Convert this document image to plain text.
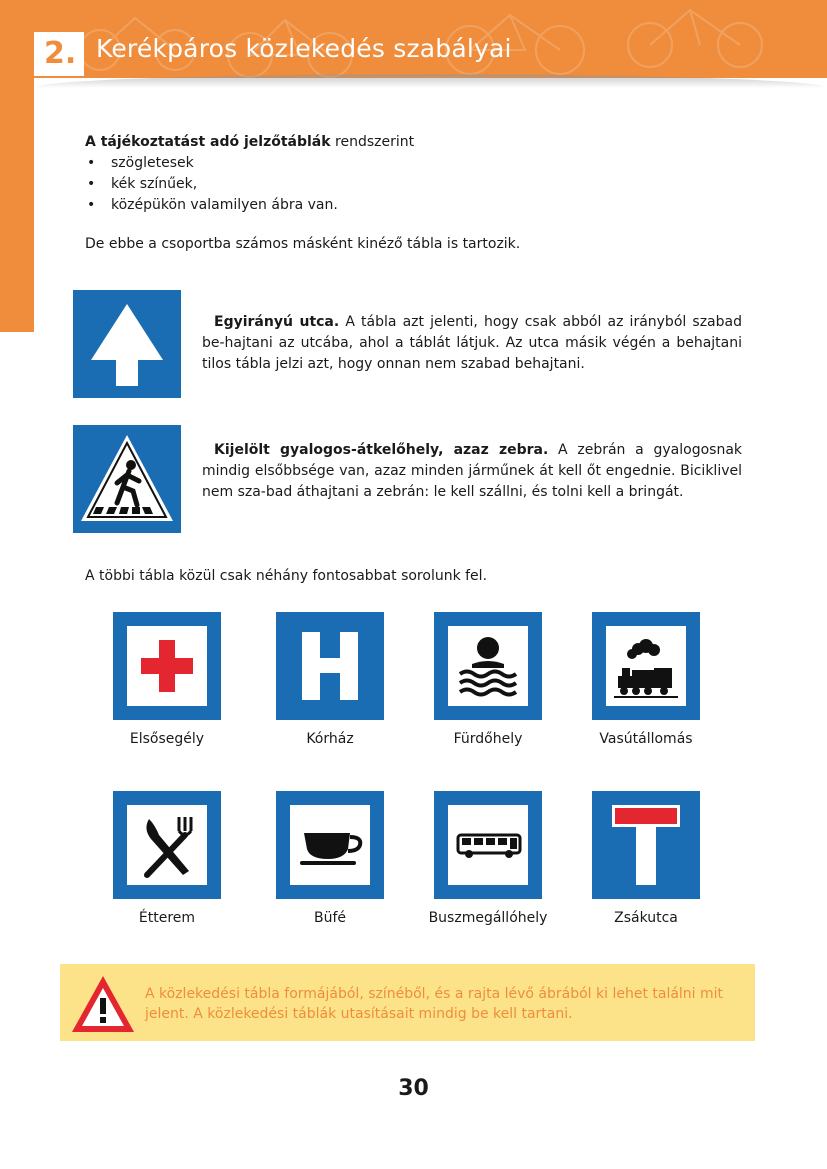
2. Kerékpáros közlekedés szabályai
A tájékoztatást adó jelzőtáblák rendszerint
• szögletesek
• kék színűek,
• középükön valamilyen ábra van.
De ebbe a csoportba számos másként kinéző tábla is tartozik.
Egyirányú utca. A tábla azt jelenti, hogy csak abból az irányból szabad be-hajtani az utcába, ahol a táblát látjuk. Az utca másik végén a behajtani tilos tábla jelzi azt, hogy onnan nem szabad behajtani.
Kijelölt gyalogos-átkelőhely, azaz zebra. A zebrán a gyalogosnak mindig elsőbbsége van, azaz minden járműnek át kell őt engednie. Biciklivel nem sza-bad áthajtani a zebrán: le kell szállni, és tolni kell a bringát.
A többi tábla közül csak néhány fontosabbat sorolunk fel.
Elsősegély	Kórház	Fürdőhely	Vasútállomás
Étterem	Büfé	Buszmegállóhely	Zsákutca
A közlekedési tábla formájából, színéből, és a rajta lévő ábrából ki lehet találni mit jelent. A közlekedési táblák utasításait mindig be kell tartani.
30
